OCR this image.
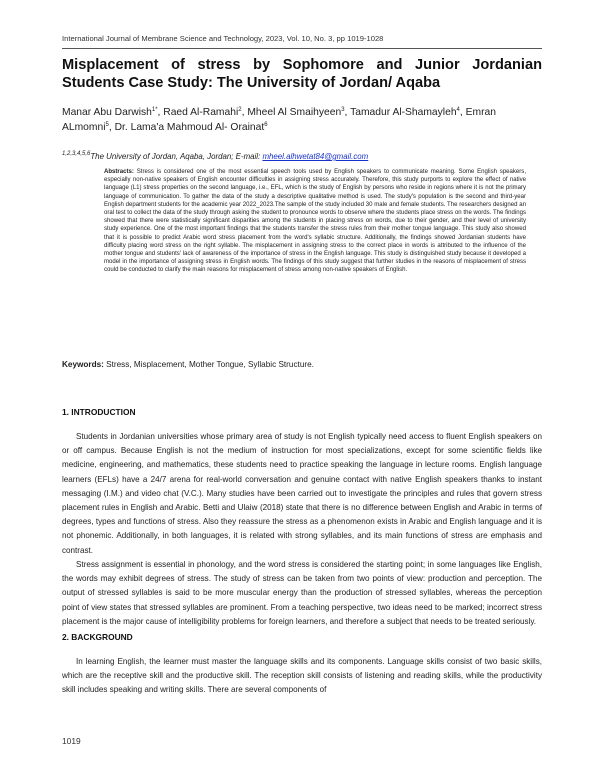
International Journal of Membrane Science and Technology, 2023, Vol. 10, No. 3, pp 1019-1028
Misplacement of stress by Sophomore and Junior Jordanian Students Case Study: The University of Jordan/ Aqaba
Manar Abu Darwish$^{1*}$, Raed Al-Ramahi$^2$, Mheel Al Smaihyeen$^3$, Tamadur Al-Shamayleh$^4$, Emran ALmomni$^5$, Dr. Lama'a Mahmoud Al- Orainat$^6$
$^{1,2,3,4,5,6}$The University of Jordan, Aqaba, Jordan; E-mail: mheel.alhwetat84@gmail.com
Abstracts: Stress is considered one of the most essential speech tools used by English speakers to communicate meaning. Some English speakers, especially non-native speakers of English encounter difficulties in assigning stress accurately. Therefore, this study purports to explore the effect of native language (L1) stress properties on the second language, i.e., EFL, which is the study of English by persons who reside in regions where it is not the primary language of communication. To gather the data of the study a descriptive qualitative method is used. The study's population is the second and third-year English department students for the academic year 2022_2023.The sample of the study included 30 male and female students. The researchers designed an oral test to collect the data of the study through asking the student to pronounce words to observe where the students place stress on the words. The findings showed that there were statistically significant disparities among the students in placing stress on words, due to their gender, and their level of university study experience. One of the most important findings that the students transfer the stress rules from their mother tongue language. This study also showed that it is possible to predict Arabic word stress placement from the word's syllabic structure. Additionally, the findings showed Jordanian students have difficulty placing word stress on the right syllable. The misplacement in assigning stress to the correct place in words is attributed to the influence of the mother tongue and students' lack of awareness of the importance of stress in the English language. This study is distinguished study because it developed a model in the importance of assigning stress in English words. The findings of this study suggest that further studies in the reasons of misplacement of stress could be conducted to clarify the main reasons for misplacement of stress among non-native speakers of English.
Keywords: Stress, Misplacement, Mother Tongue, Syllabic Structure.
1. INTRODUCTION
Students in Jordanian universities whose primary area of study is not English typically need access to fluent English speakers on or off campus. Because English is not the medium of instruction for most specializations, except for some scientific fields like medicine, engineering, and mathematics, these students need to practice speaking the language in lecture rooms. English language learners (EFLs) have a 24/7 arena for real-world conversation and genuine contact with native English speakers thanks to instant messaging (I.M.) and video chat (V.C.). Many studies have been carried out to investigate the principles and rules that govern stress placement rules in English and Arabic. Betti and Ulaiw (2018) state that there is no difference between English and Arabic in terms of degrees, types and functions of stress. Also they reassure the stress as a phenomenon exists in Arabic and English language and it is not phonemic. Additionally, in both languages, it is related with strong syllables, and its main functions of stress are emphasis and contrast.
Stress assignment is essential in phonology, and the word stress is considered the starting point; in some languages like English, the words may exhibit degrees of stress. The study of stress can be taken from two points of view: production and perception. The output of stressed syllables is said to be more muscular energy than the production of stressed syllables, whereas the perception point of view states that stressed syllables are prominent. From a teaching perspective, two ideas need to be marked; incorrect stress placement is the major cause of intelligibility problems for foreign learners, and therefore a subject that needs to be treated seriously.
2. BACKGROUND
In learning English, the learner must master the language skills and its components. Language skills consist of two basic skills, which are the receptive skill and the productive skill. The reception skill consists of listening and reading skills, while the productivity skill includes speaking and writing skills. There are several components of
1019
